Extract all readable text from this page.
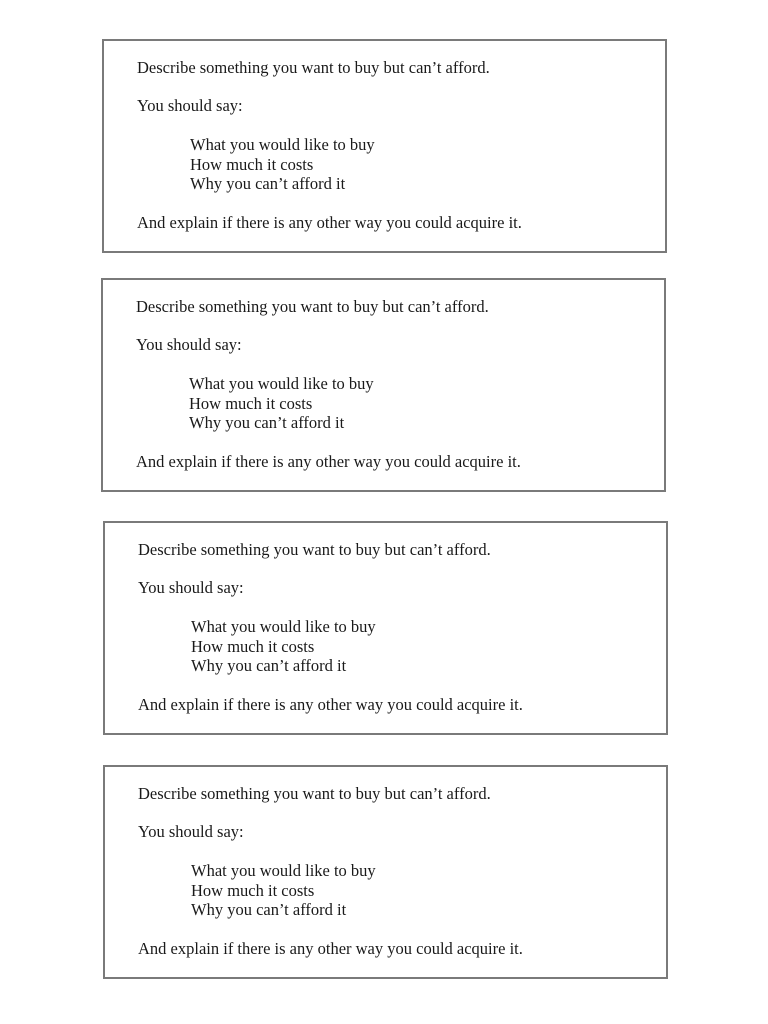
Describe something you want to buy but can’t afford.
You should say:
What you would like to buy
How much it costs
Why you can’t afford it
And explain if there is any other way you could acquire it.
Describe something you want to buy but can’t afford.
You should say:
What you would like to buy
How much it costs
Why you can’t afford it
And explain if there is any other way you could acquire it.
Describe something you want to buy but can’t afford.
You should say:
What you would like to buy
How much it costs
Why you can’t afford it
And explain if there is any other way you could acquire it.
Describe something you want to buy but can’t afford.
You should say:
What you would like to buy
How much it costs
Why you can’t afford it
And explain if there is any other way you could acquire it.
